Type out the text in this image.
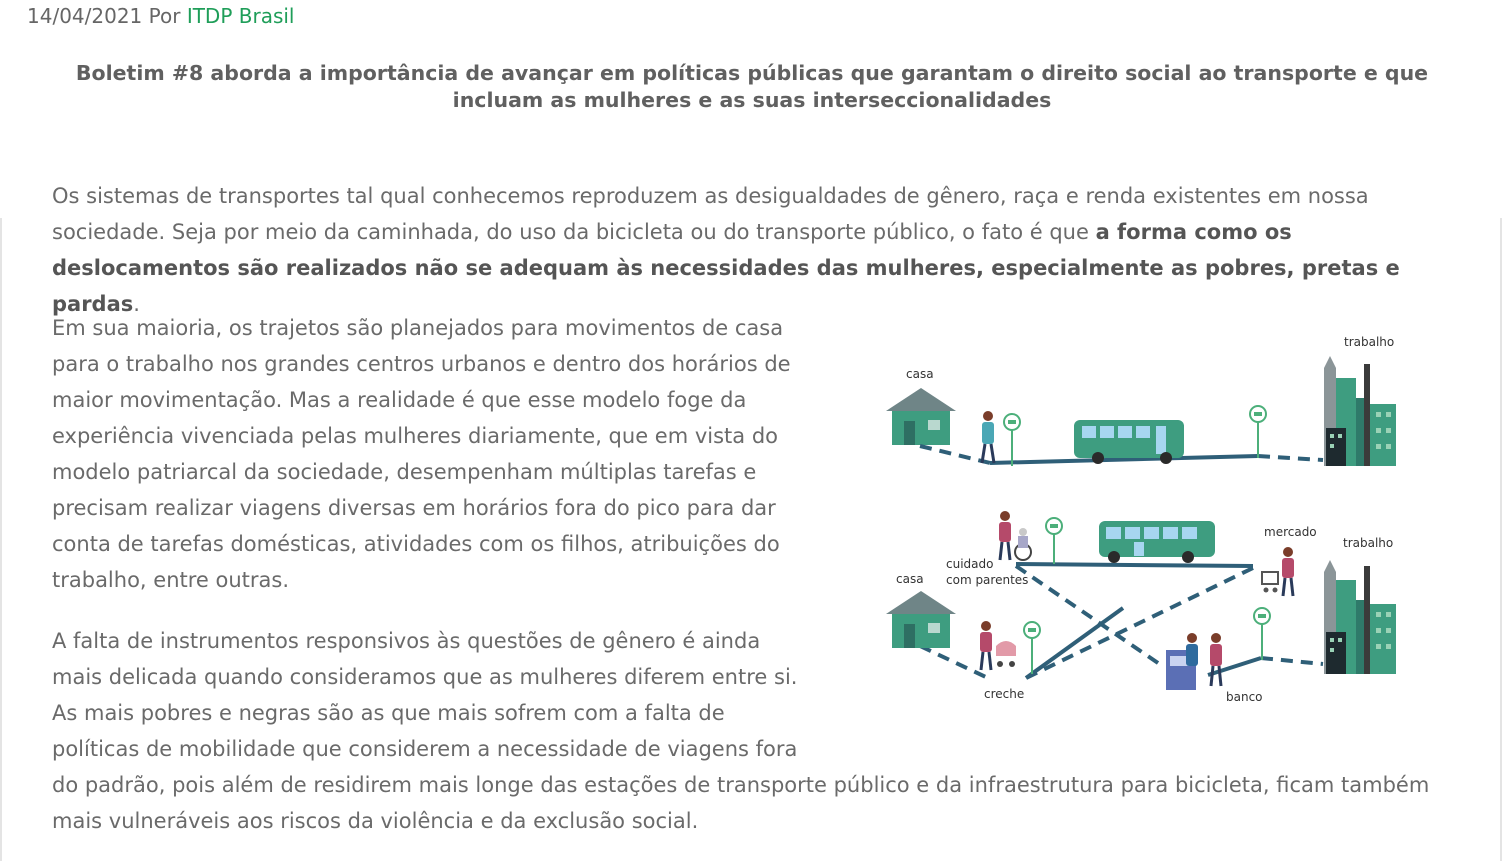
14/04/2021 Por ITDP Brasil
Boletim #8 aborda a importância de avançar em políticas públicas que garantam o direito social ao transporte e que incluam as mulheres e as suas interseccionalidades

Os sistemas de transportes tal qual conhecemos reproduzem as desigualdades de gênero, raça e renda existentes em nossa sociedade. Seja por meio da caminhada, do uso da bicicleta ou do transporte público, o fato é que a forma como os deslocamentos são realizados não se adequam às necessidades das mulheres, especialmente as pobres, pretas e pardas.

Em sua maioria, os trajetos são planejados para movimentos de casa para o trabalho nos grandes centros urbanos e dentro dos horários de maior movimentação. Mas a realidade é que esse modelo foge da experiência vivenciada pelas mulheres diariamente, que em vista do modelo patriarcal da sociedade, desempenham múltiplas tarefas e precisam realizar viagens diversas em horários fora do pico para dar conta de tarefas domésticas, atividades com os filhos, atribuições do trabalho, entre outras.

A falta de instrumentos responsivos às questões de gênero é ainda mais delicada quando consideramos que as mulheres diferem entre si. As mais pobres e negras são as que mais sofrem com a falta de políticas de mobilidade que considerem a necessidade de viagens fora

do padrão, pois além de residirem mais longe das estações de transporte público e da infraestrutura para bicicleta, ficam também mais vulneráveis aos riscos da violência e da exclusão social.

casa
trabalho
cuidado
com parentes
casa
mercado
trabalho
creche	banco
